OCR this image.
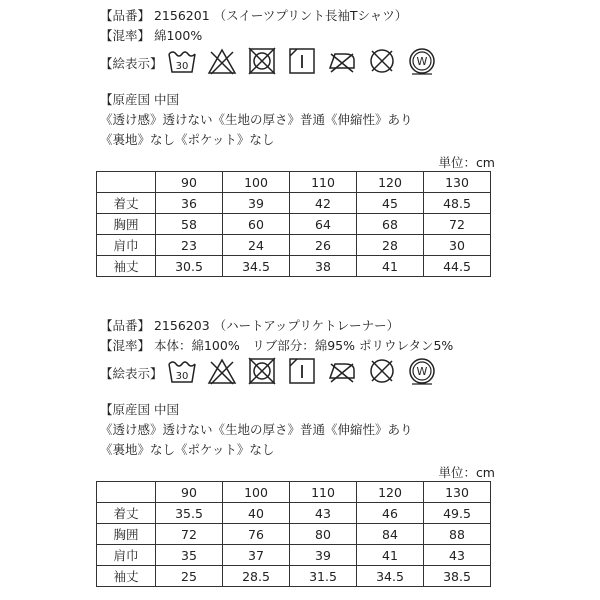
【品番】 2156201 （スイーツプリント長袖Tシャツ）
【混率】 綿100%
【絵表示】 30	W
【原産国 中国
《透け感》透けない《生地の厚さ》普通《伸縮性》あり
《裏地》なし《ポケット》なし
単位：cm
	90	100	110	120	130
着丈	36	39	42	45	48.5
胸囲	58	60	64	68	72
肩巾	23	24	26	28	30
袖丈	30.5	34.5	38	41	44.5
【品番】 2156203 （ハートアップリケトレーナー）
【混率】 本体：綿100%　リブ部分：綿95% ポリウレタン5%
【絵表示】 30	W
【原産国 中国
《透け感》透けない《生地の厚さ》普通《伸縮性》あり
《裏地》なし《ポケット》なし
単位：cm
	90	100	110	120	130
着丈	35.5	40	43	46	49.5
胸囲	72	76	80	84	88
肩巾	35	37	39	41	43
袖丈	25	28.5	31.5	34.5	38.5
